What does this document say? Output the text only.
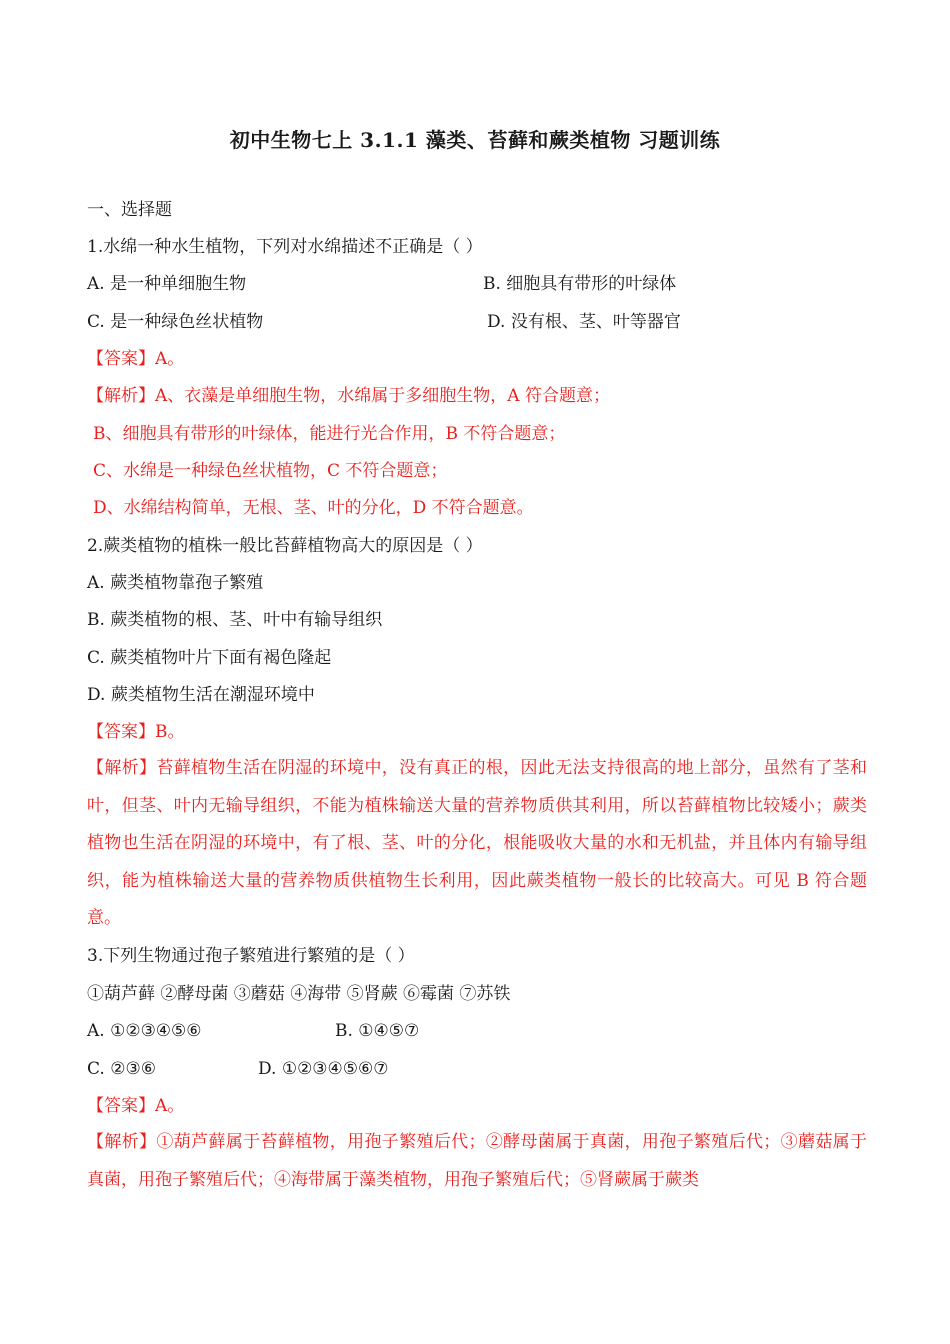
初中生物七上 3.1.1 藻类、苔藓和蕨类植物 习题训练
一、选择题
1.水绵一种水生植物，下列对水绵描述不正确是（ ）
A. 是一种单细胞生物	B. 细胞具有带形的叶绿体
C. 是一种绿色丝状植物	D. 没有根、茎、叶等器官
【答案】A。
【解析】A、衣藻是单细胞生物，水绵属于多细胞生物，A 符合题意；
B、细胞具有带形的叶绿体，能进行光合作用，B 不符合题意；
C、水绵是一种绿色丝状植物，C 不符合题意；
D、水绵结构简单，无根、茎、叶的分化，D 不符合题意。
2.蕨类植物的植株一般比苔藓植物高大的原因是（ ）
A. 蕨类植物靠孢子繁殖
B. 蕨类植物的根、茎、叶中有输导组织
C. 蕨类植物叶片下面有褐色隆起
D. 蕨类植物生活在潮湿环境中
【答案】B。
【解析】苔藓植物生活在阴湿的环境中，没有真正的根，因此无法支持很高的地上部分，虽然有了茎和叶，但茎、叶内无输导组织，不能为植株输送大量的营养物质供其利用，所以苔藓植物比较矮小；蕨类植物也生活在阴湿的环境中，有了根、茎、叶的分化，根能吸收大量的水和无机盐，并且体内有输导组织，能为植株输送大量的营养物质供植物生长利用，因此蕨类植物一般长的比较高大。可见 B 符合题意。
3.下列生物通过孢子繁殖进行繁殖的是（ ）
①葫芦藓 ②酵母菌 ③蘑菇 ④海带 ⑤肾蕨 ⑥霉菌 ⑦苏铁
A. ①②③④⑤⑥	B. ①④⑤⑦
C. ②③⑥	D. ①②③④⑤⑥⑦
【答案】A。
【解析】①葫芦藓属于苔藓植物，用孢子繁殖后代；②酵母菌属于真菌，用孢子繁殖后代；③蘑菇属于真菌，用孢子繁殖后代；④海带属于藻类植物，用孢子繁殖后代；⑤肾蕨属于蕨类
